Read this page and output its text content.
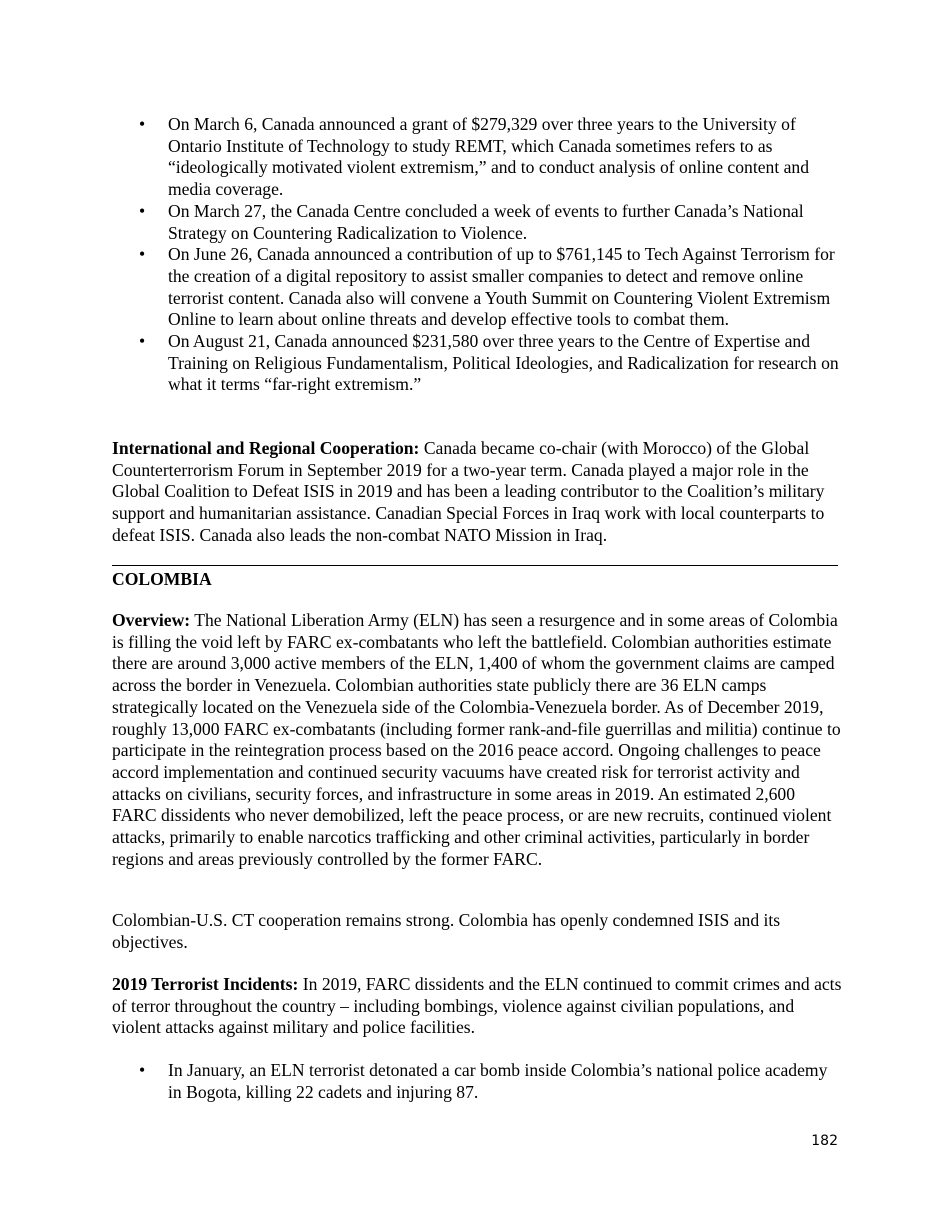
• On March 6, Canada announced a grant of $279,329 over three years to the University of Ontario Institute of Technology to study REMT, which Canada sometimes refers to as “ideologically motivated violent extremism,” and to conduct analysis of online content and media coverage.
• On March 27, the Canada Centre concluded a week of events to further Canada’s National Strategy on Countering Radicalization to Violence.
• On June 26, Canada announced a contribution of up to $761,145 to Tech Against Terrorism for the creation of a digital repository to assist smaller companies to detect and remove online terrorist content. Canada also will convene a Youth Summit on Countering Violent Extremism Online to learn about online threats and develop effective tools to combat them.
• On August 21, Canada announced $231,580 over three years to the Centre of Expertise and Training on Religious Fundamentalism, Political Ideologies, and Radicalization for research on what it terms “far-right extremism.”

International and Regional Cooperation: Canada became co-chair (with Morocco) of the Global Counterterrorism Forum in September 2019 for a two-year term. Canada played a major role in the Global Coalition to Defeat ISIS in 2019 and has been a leading contributor to the Coalition’s military support and humanitarian assistance. Canadian Special Forces in Iraq work with local counterparts to defeat ISIS. Canada also leads the non-combat NATO Mission in Iraq.

COLOMBIA

Overview: The National Liberation Army (ELN) has seen a resurgence and in some areas of Colombia is filling the void left by FARC ex-combatants who left the battlefield. Colombian authorities estimate there are around 3,000 active members of the ELN, 1,400 of whom the government claims are camped across the border in Venezuela. Colombian authorities state publicly there are 36 ELN camps strategically located on the Venezuela side of the Colombia-Venezuela border. As of December 2019, roughly 13,000 FARC ex-combatants (including former rank-and-file guerrillas and militia) continue to participate in the reintegration process based on the 2016 peace accord. Ongoing challenges to peace accord implementation and continued security vacuums have created risk for terrorist activity and attacks on civilians, security forces, and infrastructure in some areas in 2019. An estimated 2,600 FARC dissidents who never demobilized, left the peace process, or are new recruits, continued violent attacks, primarily to enable narcotics trafficking and other criminal activities, particularly in border regions and areas previously controlled by the former FARC.

Colombian-U.S. CT cooperation remains strong. Colombia has openly condemned ISIS and its objectives.

2019 Terrorist Incidents: In 2019, FARC dissidents and the ELN continued to commit crimes and acts of terror throughout the country – including bombings, violence against civilian populations, and violent attacks against military and police facilities.

• In January, an ELN terrorist detonated a car bomb inside Colombia’s national police academy in Bogota, killing 22 cadets and injuring 87.
182
